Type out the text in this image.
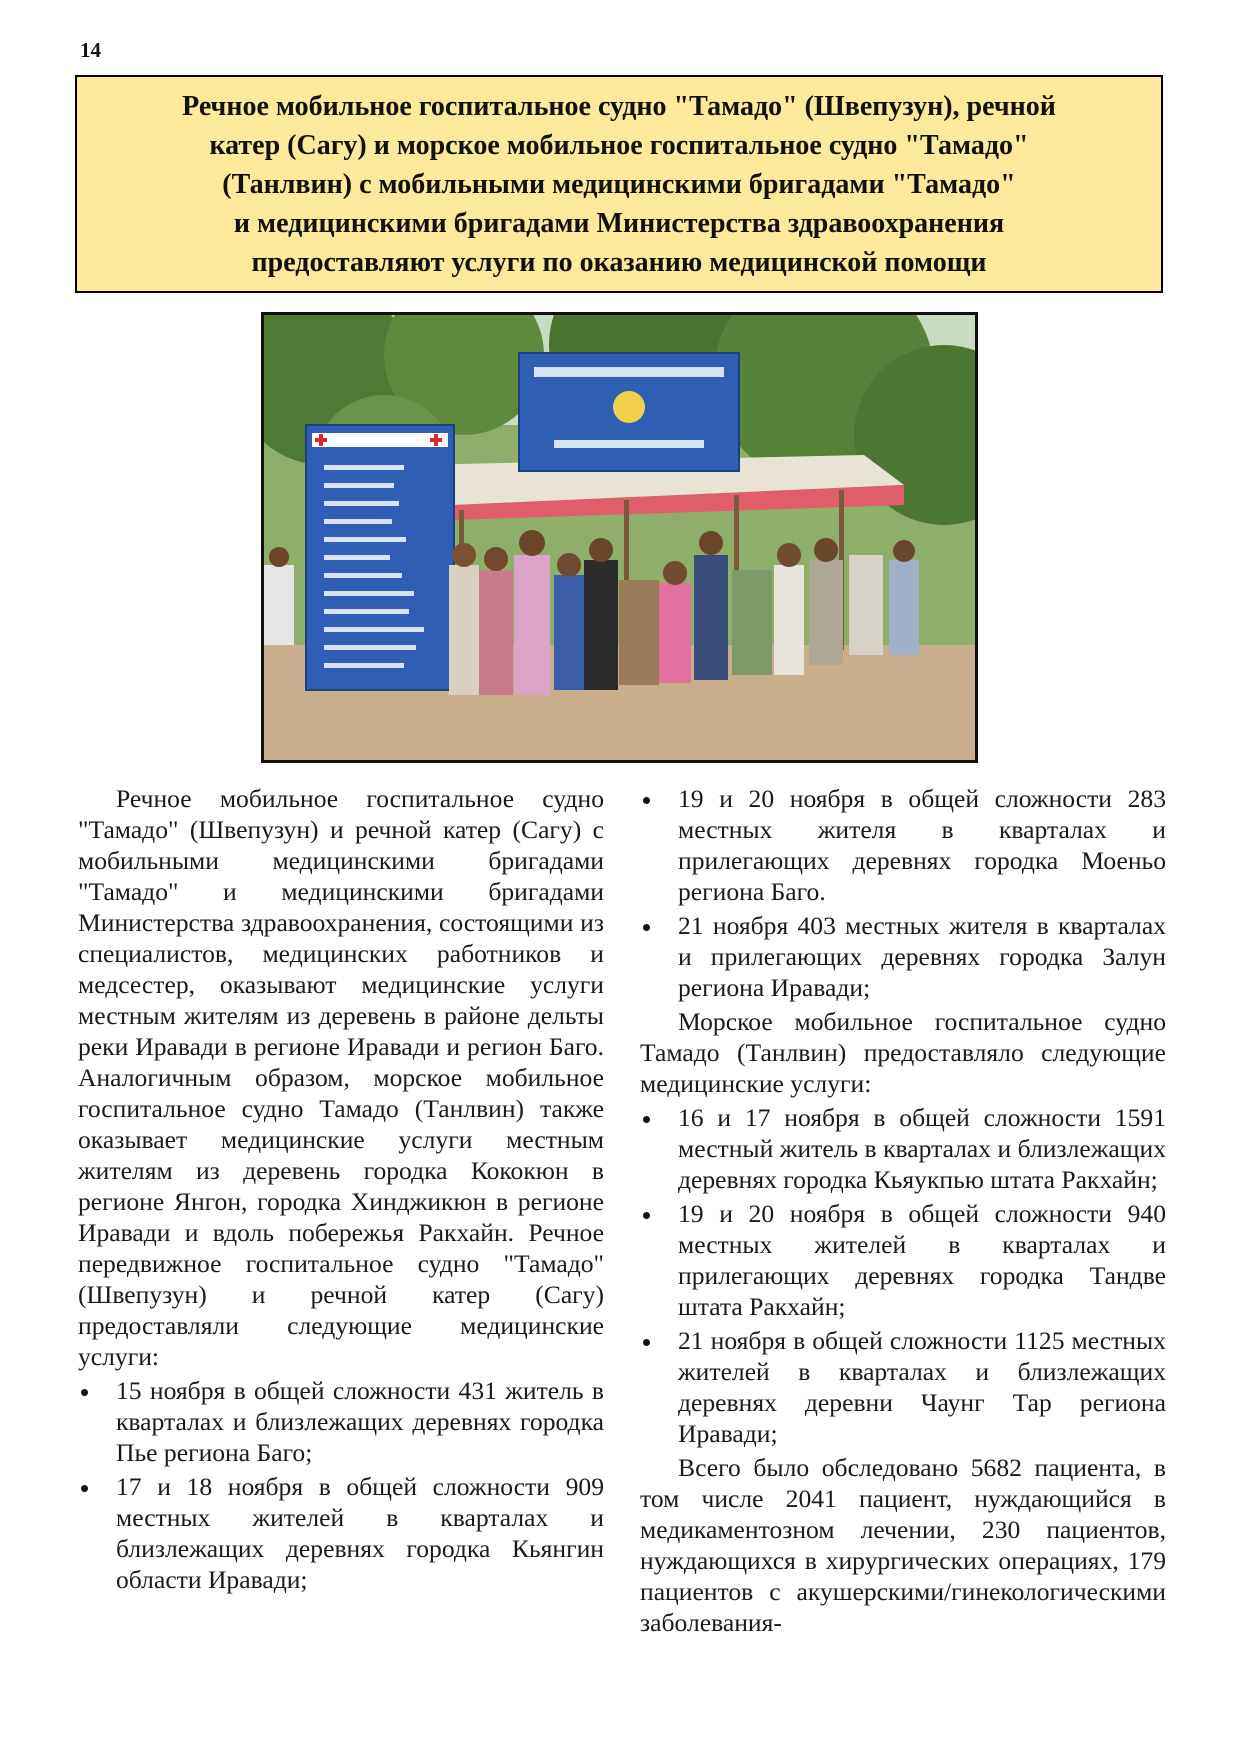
14
Речное мобильное госпитальное судно "Тамадо" (Швепузун), речной
катер (Сагу) и морское мобильное госпитальное судно "Тамадо"
(Танлвин) с мобильными медицинскими бригадами "Тамадо"
и медицинскими бригадами Министерства здравоохранения
предоставляют услуги по оказанию медицинской помощи

Речное мобильное госпитальное судно "Тамадо" (Швепузун) и речной катер (Сагу) с мобильными медицинскими бригадами "Тамадо" и медицинскими бригадами Министерства здравоохранения, состоящими из специалистов, медицинских работников и медсестер, оказывают медицинские услуги местным жителям из деревень в районе дельты реки Иравади в регионе Иравади и регион Баго. Аналогичным образом, морское мобильное госпитальное судно Тамадо (Танлвин) также оказывает медицинские услуги местным жителям из деревень городка Кококюн в регионе Янгон, городка Хинджикюн в регионе Иравади и вдоль побережья Ракхайн. Речное передвижное госпитальное судно "Тамадо" (Швепузун) и речной катер (Сагу) предоставляли следующие медицинские услуги:

15 ноября в общей сложности 431 житель в кварталах и близлежащих деревнях городка Пье региона Баго;
17 и 18 ноября в общей сложности 909 местных жителей в кварталах и близлежащих деревнях городка Кьянгин области Иравади;
19 и 20 ноября в общей сложности 283 местных жителя в кварталах и прилегающих деревнях городка Моеньо региона Баго.
21 ноября 403 местных жителя в кварталах и прилегающих деревнях городка Залун региона Иравади;

Морское мобильное госпитальное судно Тамадо (Танлвин) предоставляло следующие медицинские услуги:

16 и 17 ноября в общей сложности 1591 местный житель в кварталах и близлежащих деревнях городка Кьяукпью штата Ракхайн;
19 и 20 ноября в общей сложности 940 местных жителей в кварталах и прилегающих деревнях городка Тандве штата Ракхайн;
21 ноября в общей сложности 1125 местных жителей в кварталах и близлежащих деревнях деревни Чаунг Тар региона Иравади;

Всего было обследовано 5682 пациента, в том числе 2041 пациент, нуждающийся в медикаментозном лечении, 230 пациентов, нуждающихся в хирургических операциях, 179 пациентов с акушерскими/гинекологическими заболевания-
